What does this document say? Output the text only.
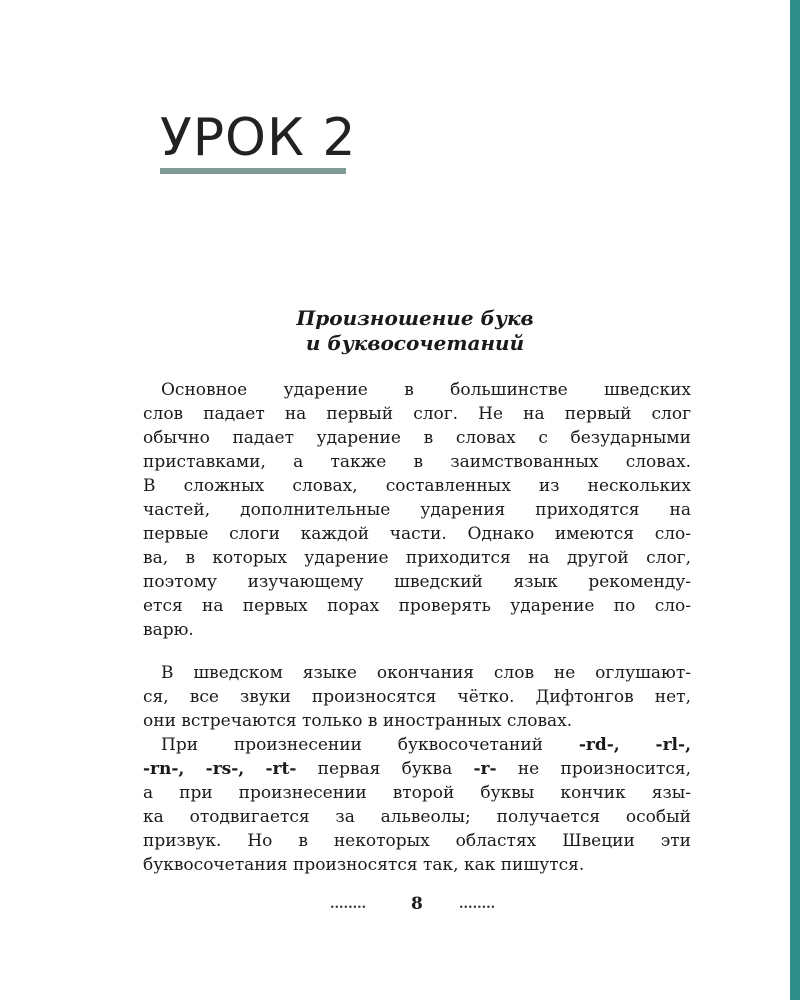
УРОК 2
Произношение букв
и буквосочетаний
Основное ударение в большинстве шведских
слов падает на первый слог. Не на первый слог
обычно падает ударение в словах с безударными
приставками, а также в заимствованных словах.
В сложных словах, составленных из нескольких
частей, дополнительные ударения приходятся на
первые слоги каждой части. Однако имеются сло-
ва, в которых ударение приходится на другой слог,
поэтому изучающему шведский язык рекоменду-
ется на первых порах проверять ударение по сло-
варю.
В шведском языке окончания слов не оглушают-
ся, все звуки произносятся чётко. Дифтонгов нет,
они встречаются только в иностранных словах.
При произнесении буквосочетаний -rd-, -rl-,
-rn-, -rs-, -rt- первая буква -r- не произносится,
а при произнесении второй буквы кончик язы-
ка отодвигается за альвеолы; получается особый
призвук. Но в некоторых областях Швеции эти
буквосочетания произносятся так, как пишутся.
........	8	........
